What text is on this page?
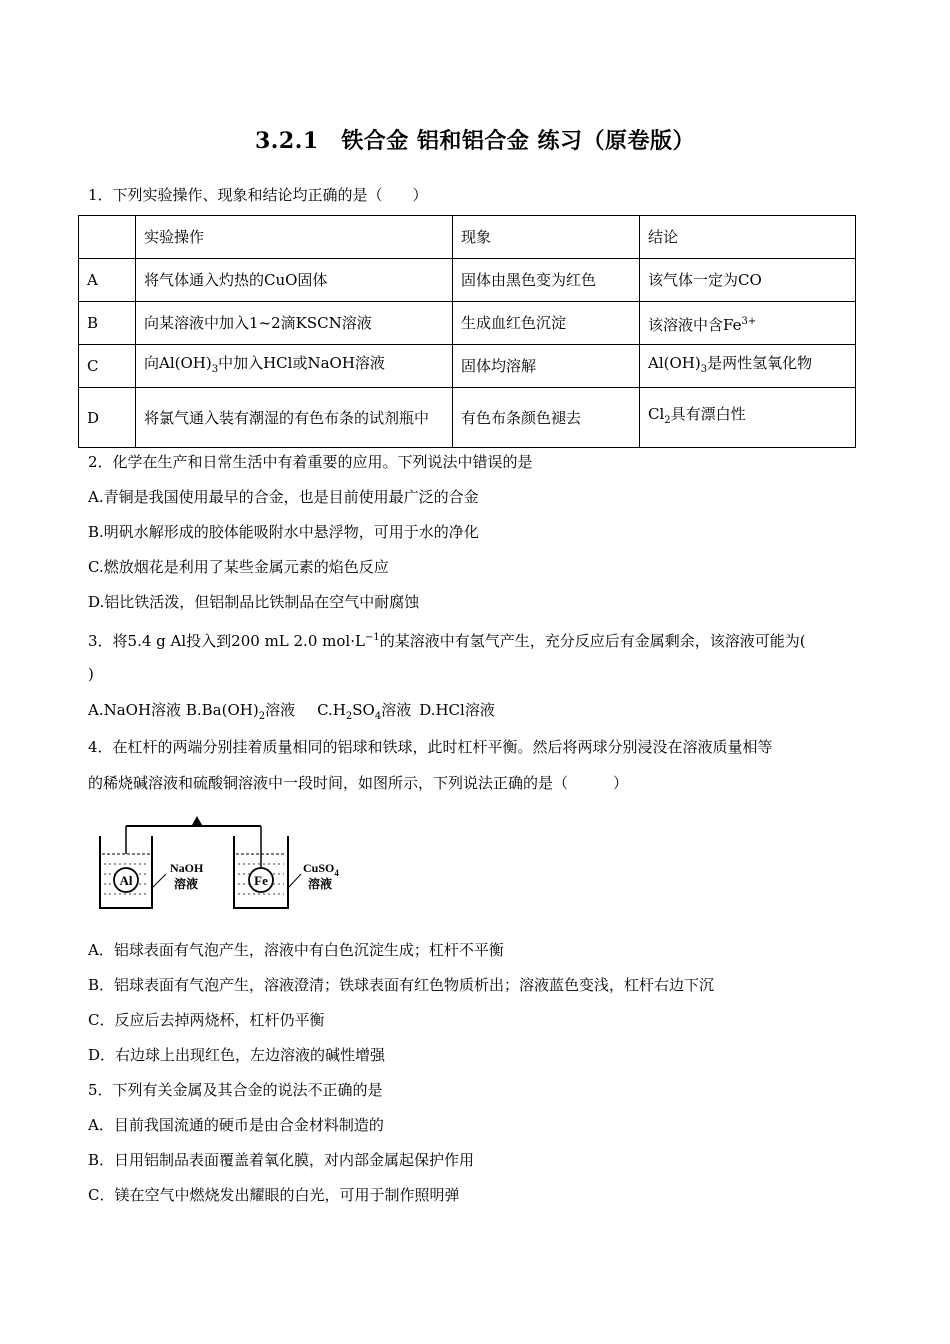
3.2.1　铁合金 铝和铝合金 练习（原卷版）
1．下列实验操作、现象和结论均正确的是（　　）
	实验操作	现象	结论
A	将气体通入灼热的CuO固体	固体由黑色变为红色	该气体一定为CO
B	向某溶液中加入1~2滴KSCN溶液	生成血红色沉淀	该溶液中含$Fe^{3+}$
C	向$Al(OH)_3$中加入HCl或NaOH溶液	固体均溶解	$Al(OH)_3$是两性氢氧化物
D	将氯气通入装有潮湿的有色布条的试剂瓶中	有色布条颜色褪去	$Cl_2$具有漂白性
2．化学在生产和日常生活中有着重要的应用。下列说法中错误的是
A.青铜是我国使用最早的合金，也是目前使用最广泛的合金
B.明矾水解形成的胶体能吸附水中悬浮物，可用于水的净化
C.燃放烟花是利用了某些金属元素的焰色反应
D.铝比铁活泼，但铝制品比铁制品在空气中耐腐蚀
3．将5.4 g Al投入到200 mL 2.0 $mol\cdot L^{-1}$的某溶液中有氢气产生，充分反应后有金属剩余，该溶液可能为(
)
A.NaOH溶液 $B.Ba(OH)_2$溶液 $C.H_2SO_4$溶液 D.HCl溶液
4．在杠杆的两端分别挂着质量相同的铝球和铁球，此时杠杆平衡。然后将两球分别浸没在溶液质量相等
的稀烧碱溶液和硫酸铜溶液中一段时间，如图所示，下列说法正确的是（　　　）
Al
NaOH
溶液	Fe
CuSO$_4$
溶液
A．铝球表面有气泡产生，溶液中有白色沉淀生成；杠杆不平衡
B．铝球表面有气泡产生，溶液澄清；铁球表面有红色物质析出；溶液蓝色变浅，杠杆右边下沉
C．反应后去掉两烧杯，杠杆仍平衡
D．右边球上出现红色，左边溶液的碱性增强
5．下列有关金属及其合金的说法不正确的是
A．目前我国流通的硬币是由合金材料制造的
B．日用铝制品表面覆盖着氧化膜，对内部金属起保护作用
C．镁在空气中燃烧发出耀眼的白光，可用于制作照明弹
